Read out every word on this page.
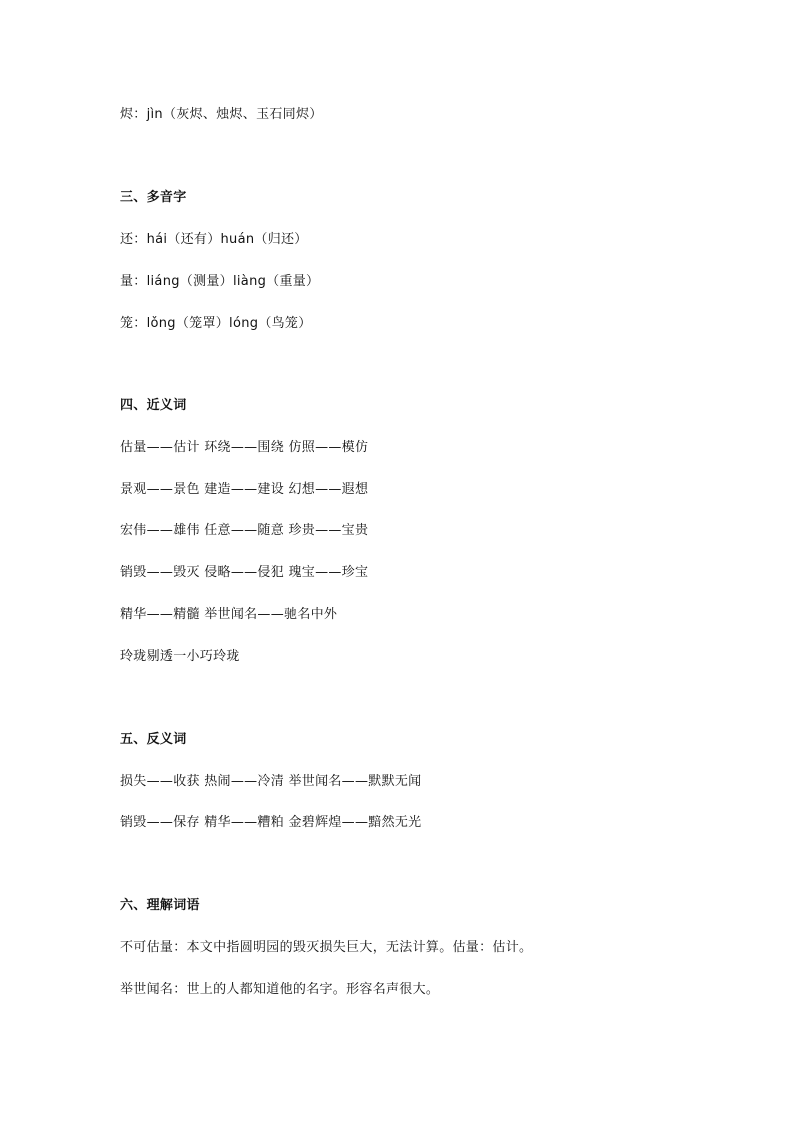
烬：jìn（灰烬、烛烬、玉石同烬）
三、多音字
还：hái（还有）huán（归还）
量：liáng（测量）liàng（重量）
笼：lǒng（笼罩）lóng（鸟笼）
四、近义词
估量——估计 环绕——围绕 仿照——模仿
景观——景色 建造——建设 幻想——遐想
宏伟——雄伟 任意——随意 珍贵——宝贵
销毁——毁灭 侵略——侵犯 瑰宝——珍宝
精华——精髓 举世闻名——驰名中外
玲珑剔透一小巧玲珑
五、反义词
损失——收获 热闹——冷清 举世闻名——默默无闻
销毁——保存 精华——糟粕 金碧辉煌——黯然无光
六、理解词语
不可估量：本文中指圆明园的毁灭损失巨大，无法计算。估量：估计。
举世闻名：世上的人都知道他的名字。形容名声很大。
